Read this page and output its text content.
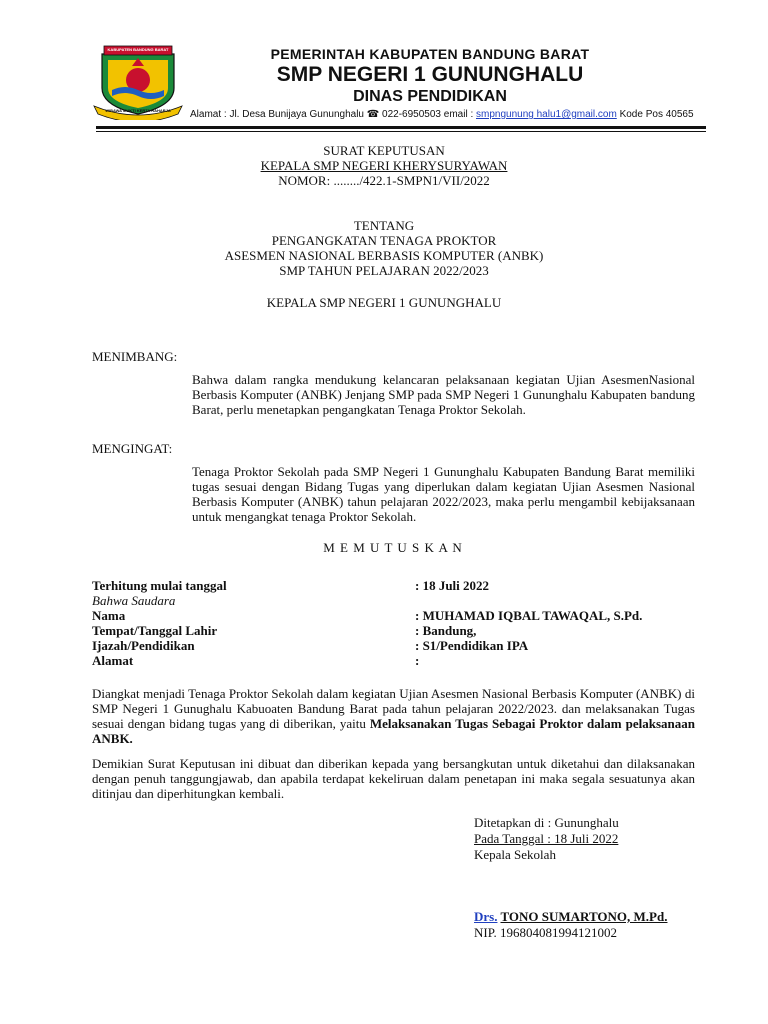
KABUPATEN BANDUNG BARAT
WIBAWA MUKTI KERTA RAHARJA
PEMERINTAH KABUPATEN BANDUNG BARAT
SMP NEGERI 1 GUNUNGHALU
DINAS PENDIDIKAN
Alamat : Jl. Desa Bunijaya Gununghalu ☎ 022-6950503 email : smpngunung halu1@gmail.com Kode Pos 40565
SURAT KEPUTUSAN
KEPALA SMP NEGERI KHERYSURYAWAN
NOMOR: ......../422.1-SMPN1/VII/2022
TENTANG
PENGANGKATAN TENAGA PROKTOR
ASESMEN NASIONAL BERBASIS KOMPUTER (ANBK)
SMP TAHUN PELAJARAN 2022/2023
KEPALA SMP NEGERI 1 GUNUNGHALU
MENIMBANG:
Bahwa dalam rangka mendukung kelancaran pelaksanaan kegiatan Ujian AsesmenNasional Berbasis Komputer (ANBK) Jenjang SMP pada SMP Negeri 1 Gununghalu Kabupaten bandung Barat, perlu menetapkan pengangkatan Tenaga Proktor Sekolah.
MENGINGAT:
Tenaga Proktor Sekolah pada SMP Negeri 1 Gununghalu Kabupaten Bandung Barat memiliki tugas sesuai dengan Bidang Tugas yang diperlukan dalam kegiatan Ujian Asesmen Nasional Berbasis Komputer (ANBK) tahun pelajaran 2022/2023, maka perlu mengambil kebijaksanaan untuk mengangkat tenaga Proktor Sekolah.
M E M U T U S K A N
Terhitung mulai tanggal	: 18 Juli 2022
Bahwa Saudara
Nama	: MUHAMAD IQBAL TAWAQAL, S.Pd.
Tempat/Tanggal Lahir	: Bandung,
Ijazah/Pendidikan	: S1/Pendidikan IPA
Alamat	:
Diangkat menjadi Tenaga Proktor Sekolah dalam kegiatan Ujian Asesmen Nasional Berbasis Komputer (ANBK) di SMP Negeri 1 Gunughalu Kabuoaten Bandung Barat pada tahun pelajaran 2022/2023. dan melaksanakan Tugas sesuai dengan bidang tugas yang di diberikan, yaitu Melaksanakan Tugas Sebagai Proktor dalam pelaksanaan ANBK.
Demikian Surat Keputusan ini dibuat dan diberikan kepada yang bersangkutan untuk diketahui dan dilaksanakan dengan penuh tanggungjawab, dan apabila terdapat kekeliruan dalam penetapan ini maka segala sesuatunya akan ditinjau dan diperhitungkan kembali.
Ditetapkan di : Gununghalu
Pada Tanggal : 18 Juli 2022
Kepala Sekolah
Drs. TONO SUMARTONO, M.Pd.
NIP. 196804081994121002
